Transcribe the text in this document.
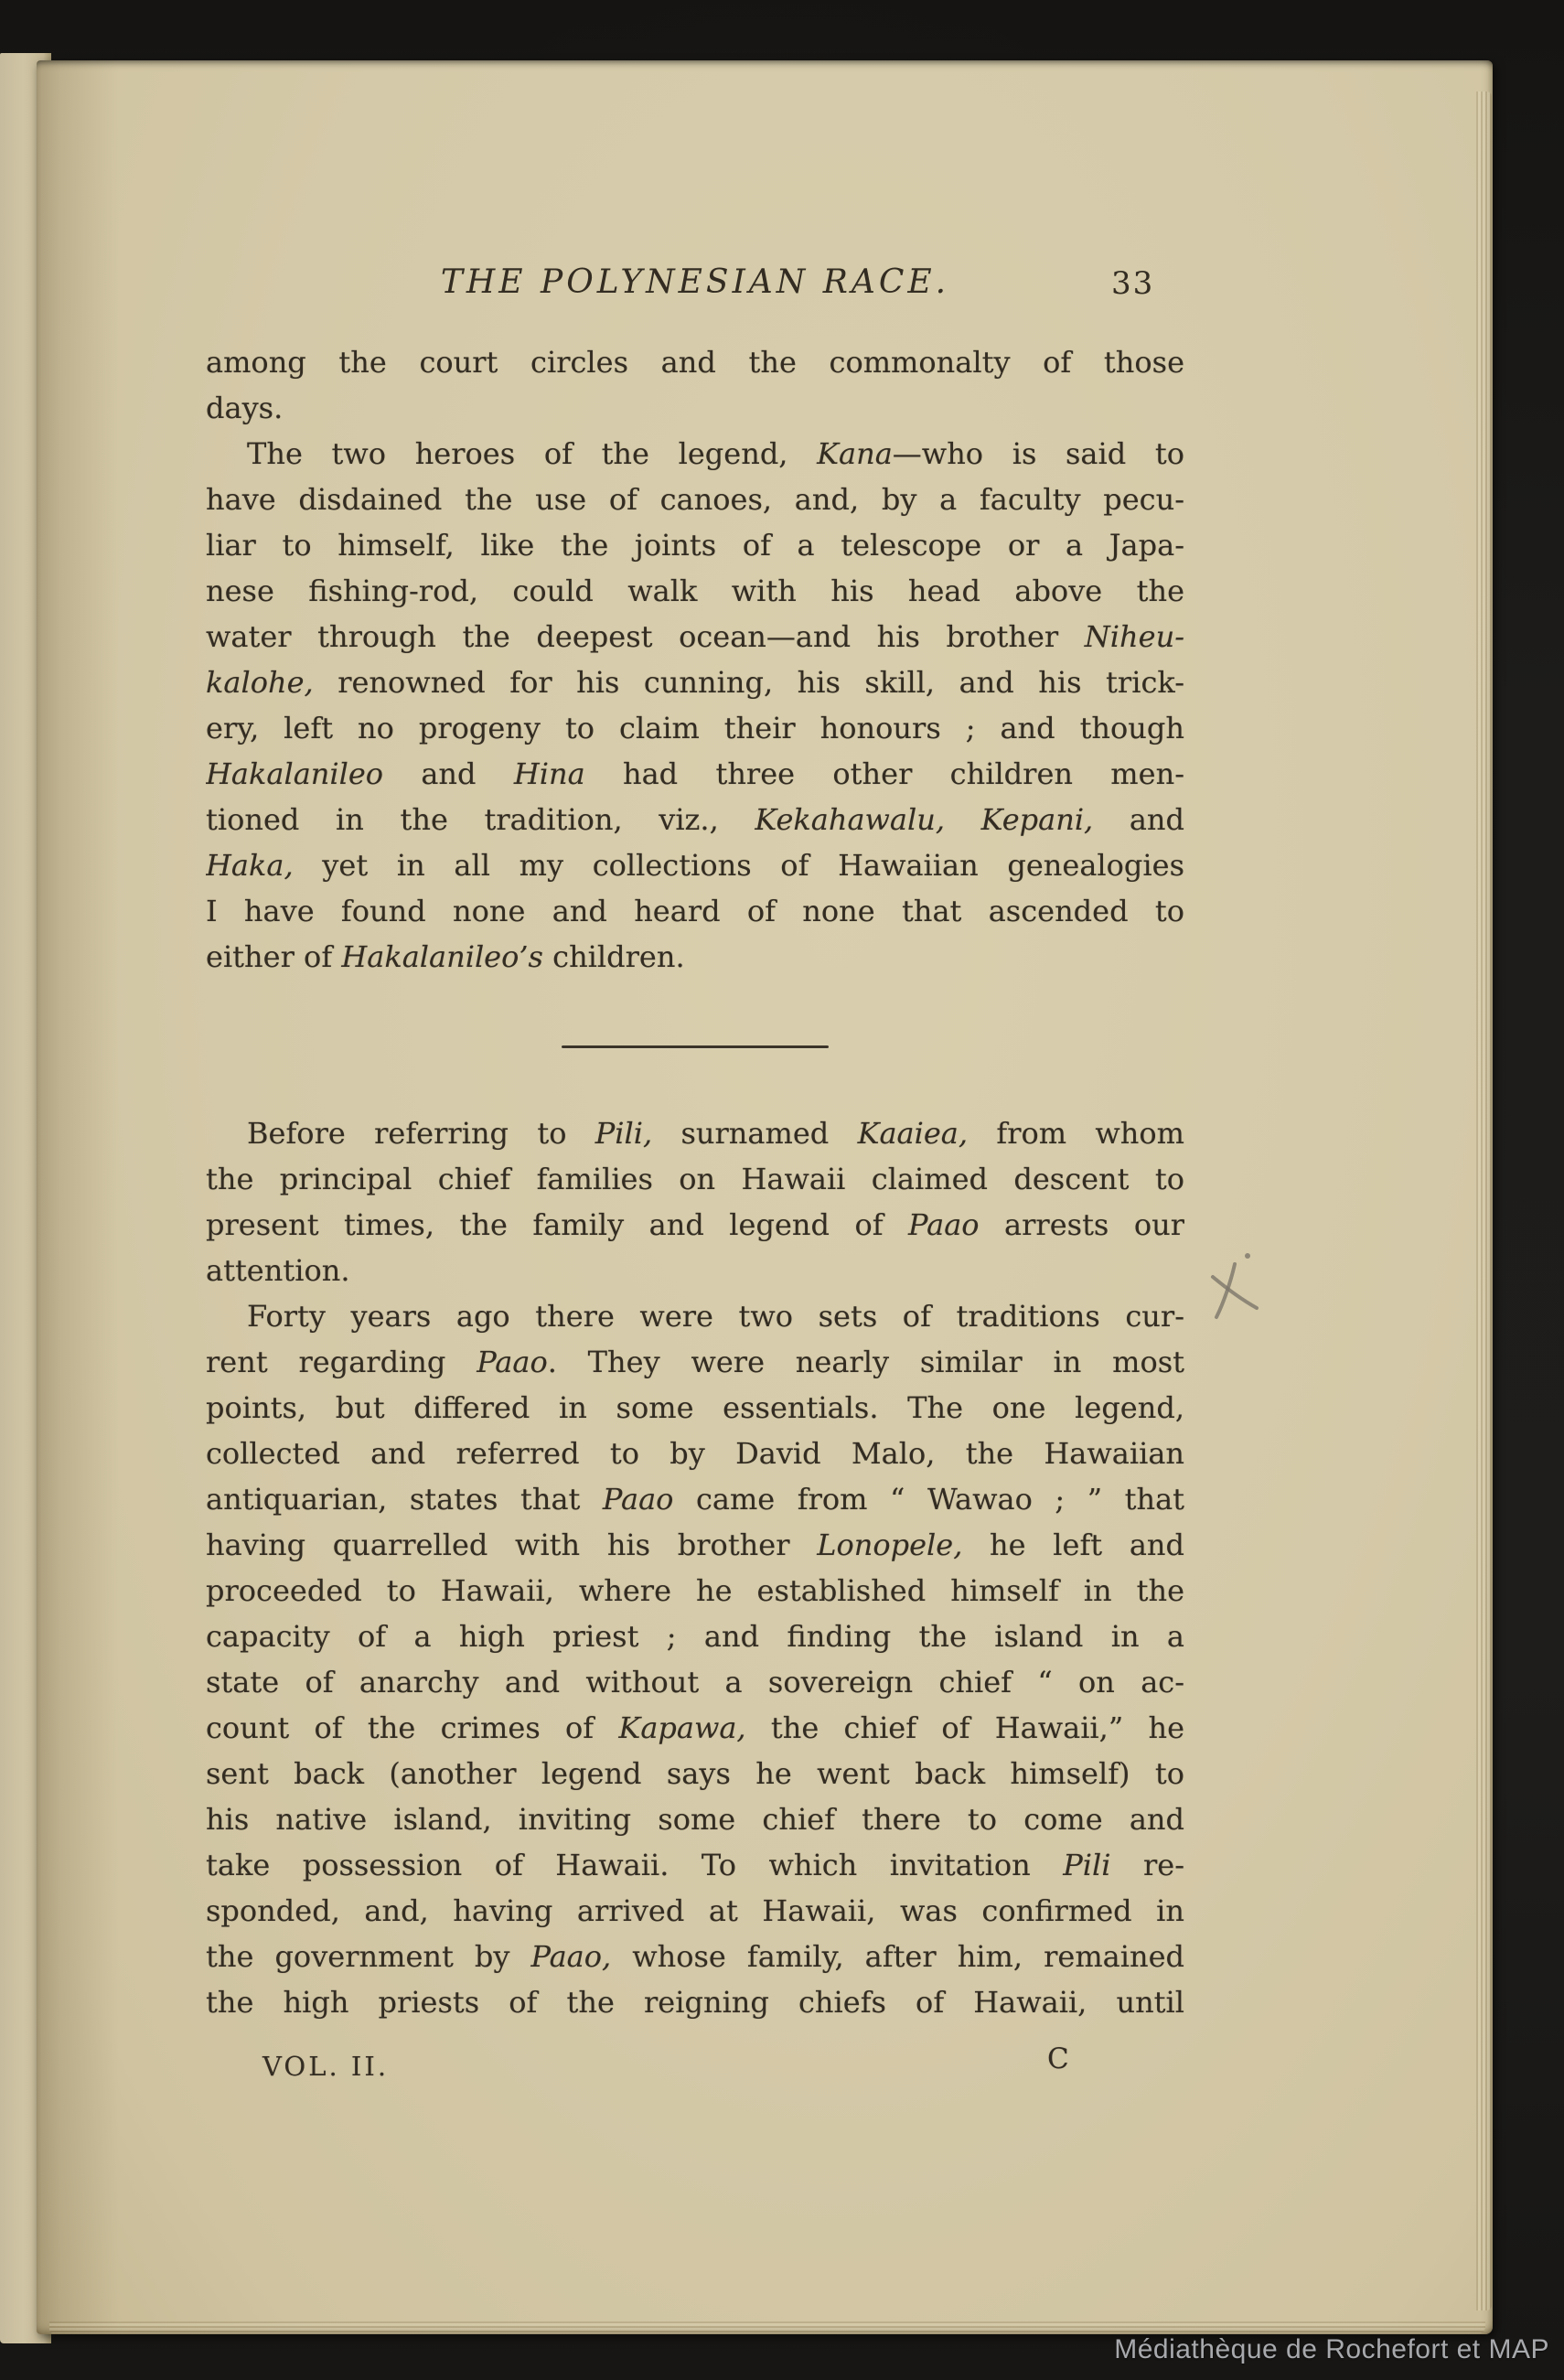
THE POLYNESIAN RACE.	33
among the court circles and the commonalty of those
days.
The two heroes of the legend, Kana—who is said to
have disdained the use of canoes, and, by a faculty pecu-
liar to himself, like the joints of a telescope or a Japa-
nese fishing-rod, could walk with his head above the
water through the deepest ocean—and his brother Niheu-
kalohe, renowned for his cunning, his skill, and his trick-
ery, left no progeny to claim their honours ; and though
Hakalanileo and Hina had three other children men-
tioned in the tradition, viz., Kekahawalu, Kepani, and
Haka, yet in all my collections of Hawaiian genealogies
I have found none and heard of none that ascended to
either of Hakalanileo’s children.
Before referring to Pili, surnamed Kaaiea, from whom
the principal chief families on Hawaii claimed descent to
present times, the family and legend of Paao arrests our
attention.
Forty years ago there were two sets of traditions cur-
rent regarding Paao. They were nearly similar in most
points, but differed in some essentials. The one legend,
collected and referred to by David Malo, the Hawaiian
antiquarian, states that Paao came from “ Wawao ; ” that
having quarrelled with his brother Lonopele, he left and
proceeded to Hawaii, where he established himself in the
capacity of a high priest ; and finding the island in a
state of anarchy and without a sovereign chief “ on ac-
count of the crimes of Kapawa, the chief of Hawaii,” he
sent back (another legend says he went back himself) to
his native island, inviting some chief there to come and
take possession of Hawaii. To which invitation Pili re-
sponded, and, having arrived at Hawaii, was confirmed in
the government by Paao, whose family, after him, remained
the high priests of the reigning chiefs of Hawaii, until
VOL. II.	C
Médiathèque de Rochefort et MAP
